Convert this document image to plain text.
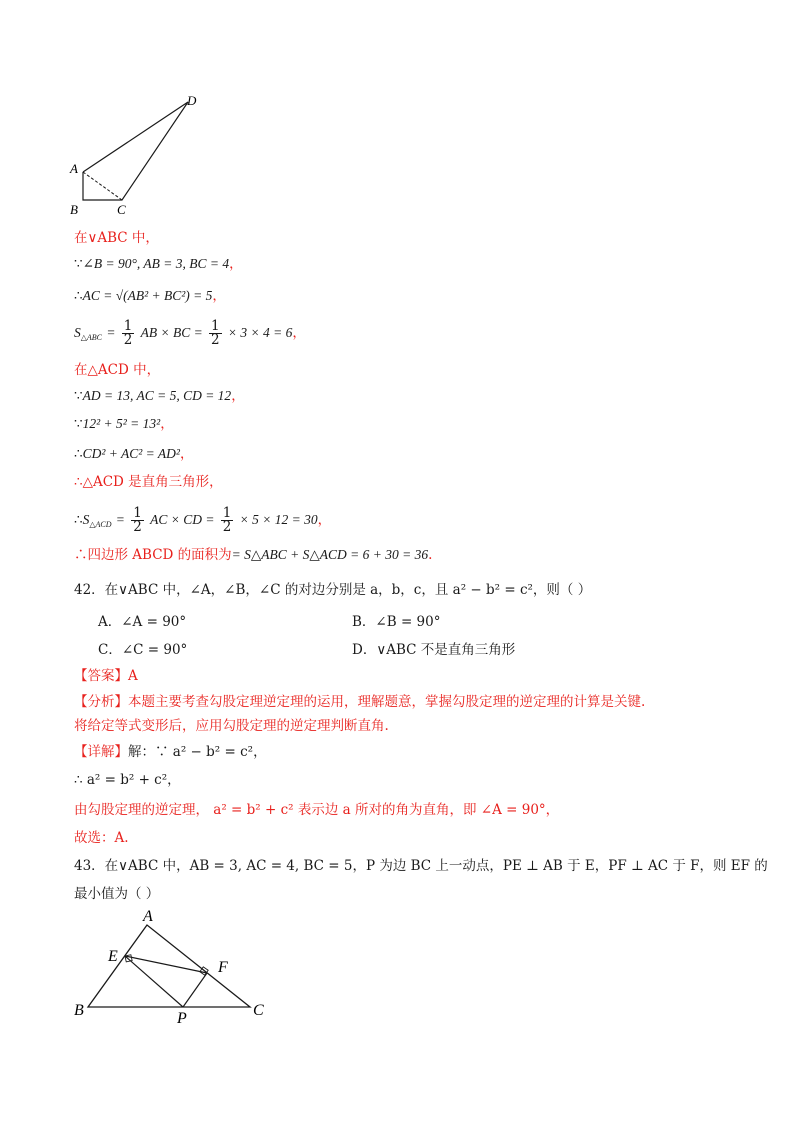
D
A
B	C
在∨ABC 中，
∵∠B = 90°, AB = 3, BC = 4，
∴AC = √(AB² + BC²) = 5，
$S_{\triangle ABC} = \frac{1}{2}$ AB × BC = $\frac{1}{2} \times 3 \times 4 = 6$，
在△ACD 中，
∵AD = 13, AC = 5, CD = 12，
∵12² + 5² = 13²，
∴CD² + AC² = AD²，
∴△ACD 是直角三角形，
$\therefore S_{\triangle ACD} = \frac{1}{2}$ AC × CD = $\frac{1}{2} \times 5 \times 12 = 30$，
∴四边形 ABCD 的面积为= S△ABC + S△ACD = 6 + 30 = 36.
42．在∨ABC 中，∠A，∠B，∠C 的对边分别是 a，b，c，且 a² − b² = c²，则（ ）
A．∠A = 90°	B．∠B = 90°
C．∠C = 90°	D．∨ABC 不是直角三角形
【答案】A
【分析】本题主要考查勾股定理逆定理的运用，理解题意，掌握勾股定理的逆定理的计算是关键.
将给定等式变形后，应用勾股定理的逆定理判断直角.
【详解】解：∵ a² − b² = c²，
∴ a² = b² + c²，
由勾股定理的逆定理， a² = b² + c² 表示边 a 所对的角为直角，即 ∠A = 90°，
故选：A.
43．在∨ABC 中，AB = 3, AC = 4, BC = 5，P 为边 BC 上一动点，PE ⊥ AB 于 E，PF ⊥ AC 于 F，则 EF 的
最小值为（ ）
A
E
F
B	P	C
